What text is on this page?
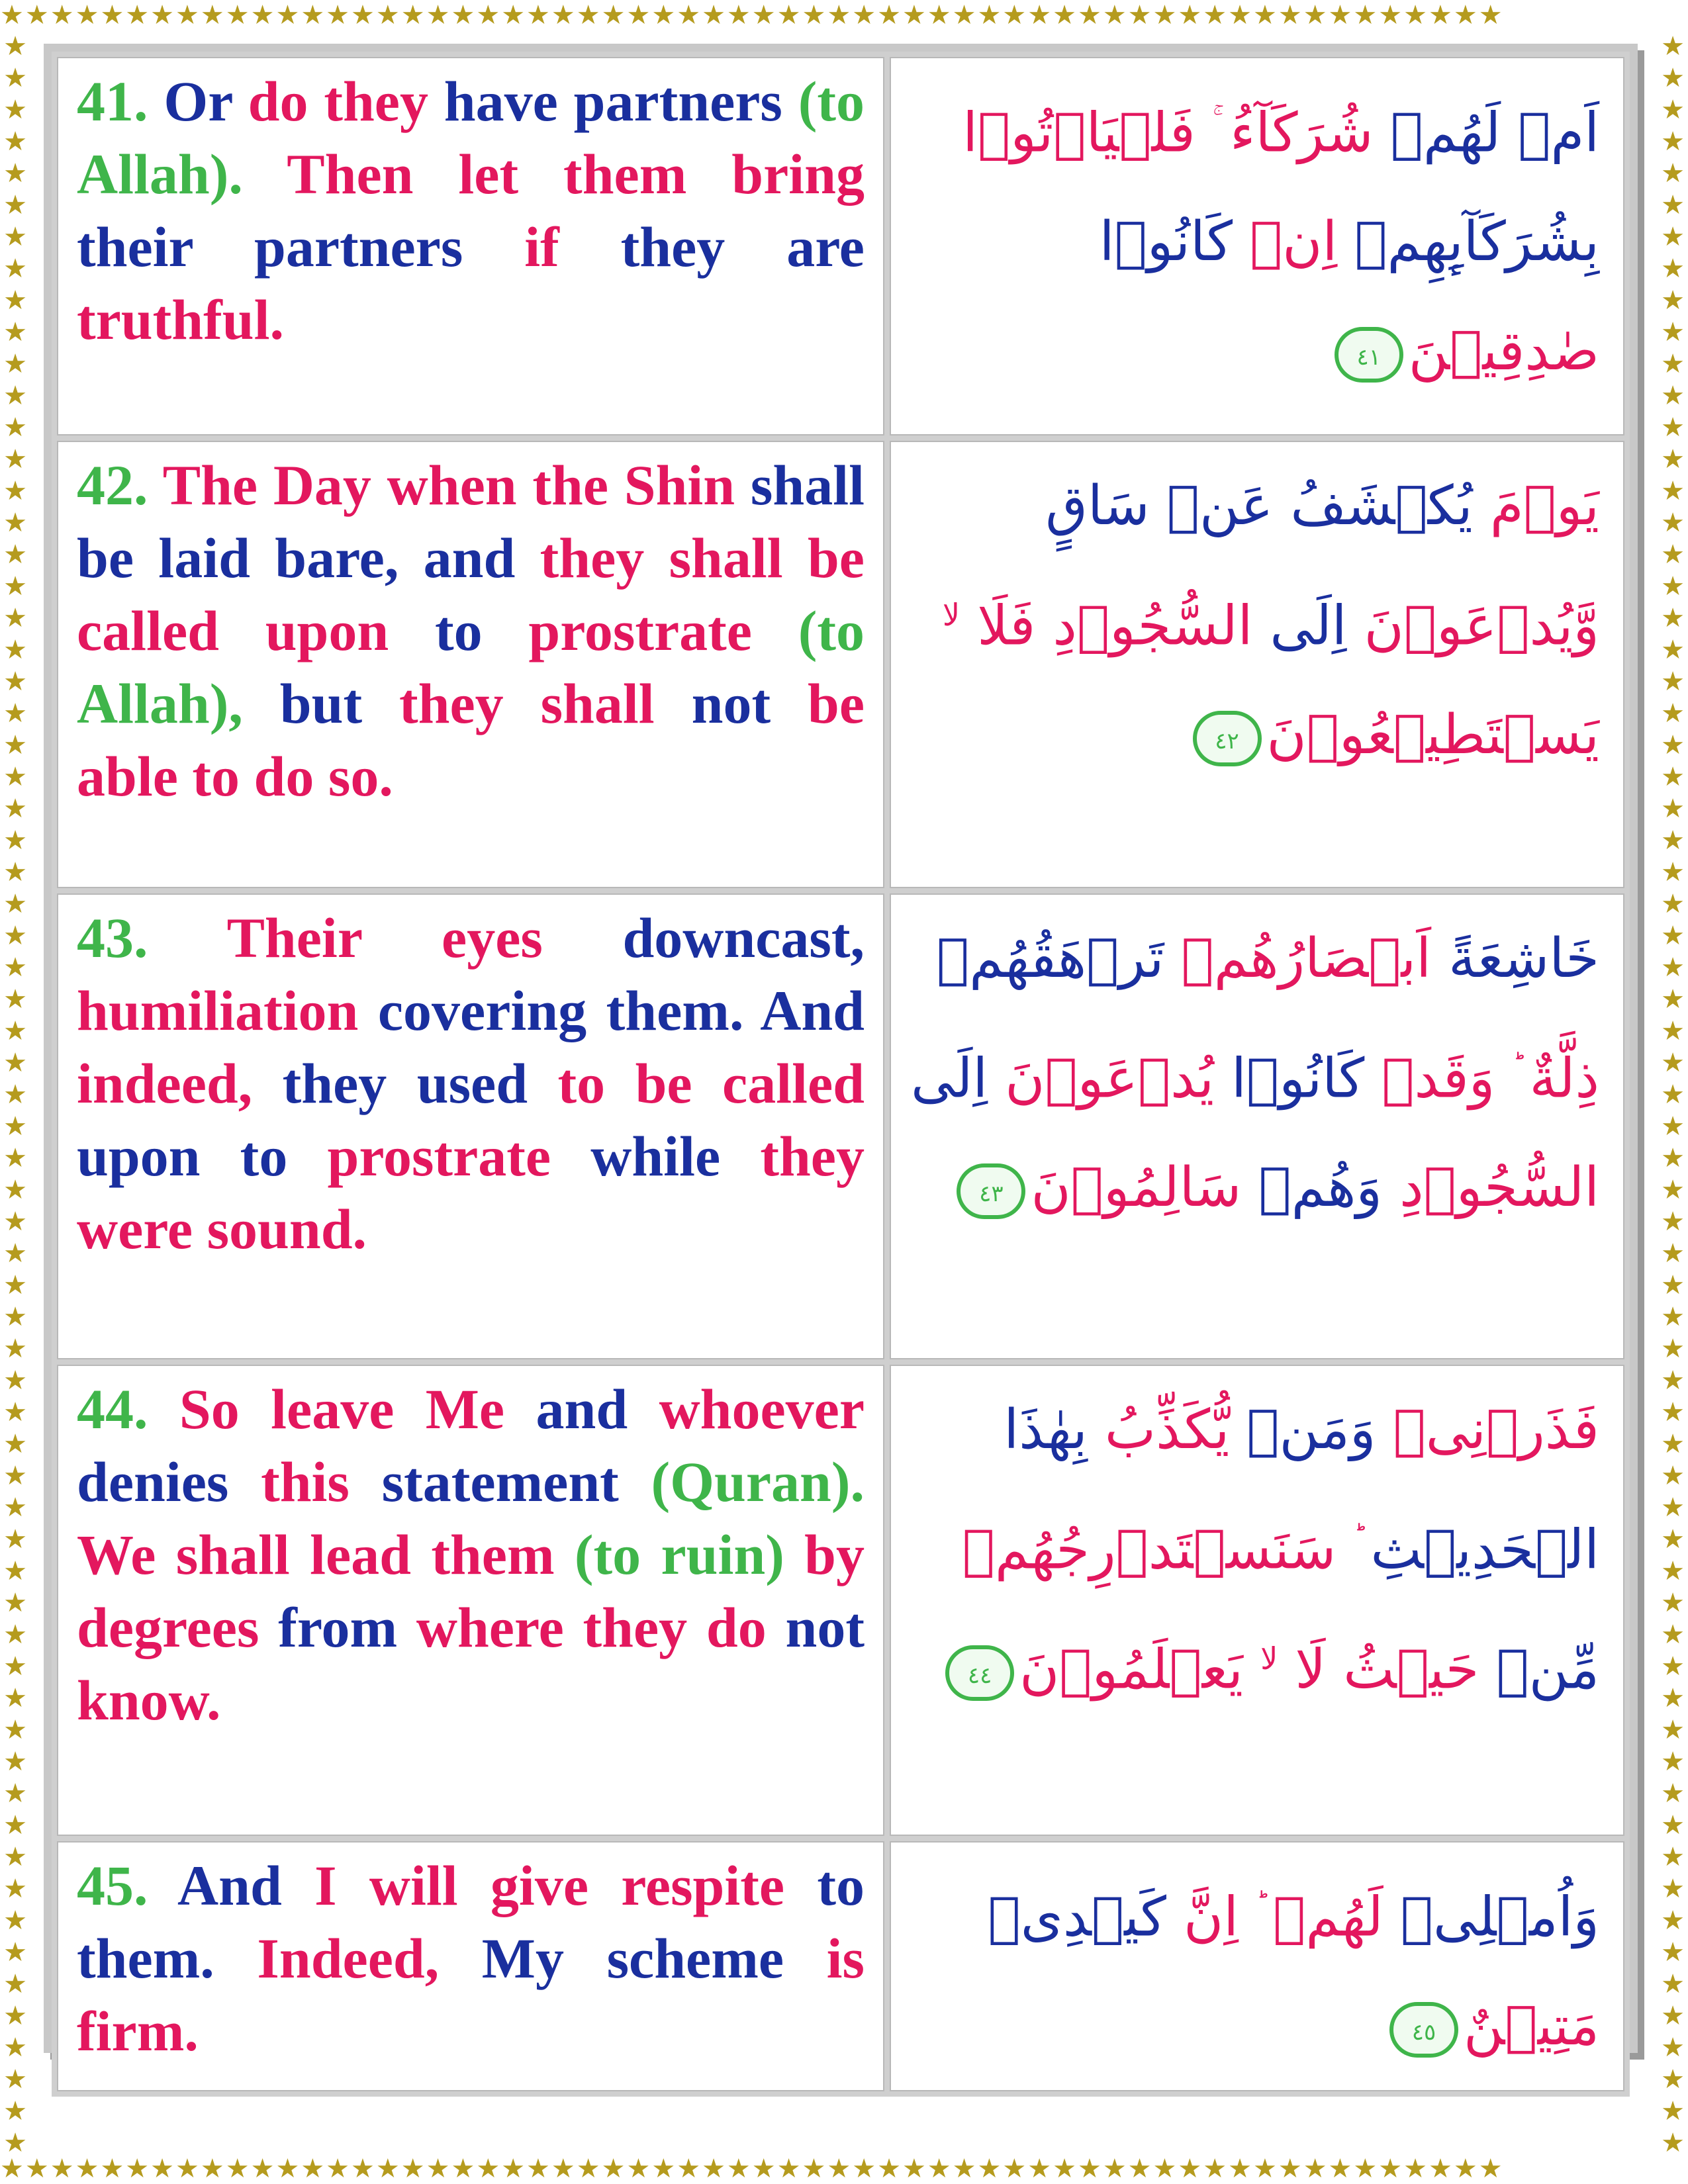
★★★★★★★★★★★★★★★★★★★★★★★★★★★★★★★★★★★★★★★★★★★★★★★★★★★★★★★★★★★★
★★★★★★★★★★★★★★★★★★★★★★★★★★★★★★★★★★★★★★★★★★★★★★★★★★★★★★★★★★★★
★★★★★★★★★★★★★★★★★★★★★★★★★★★★★★★★★★★★★★★★★★★★★★★★★★★★★★★★★★★★★★★★★★★
★★★★★★★★★★★★★★★★★★★★★★★★★★★★★★★★★★★★★★★★★★★★★★★★★★★★★★★★★★★★★★★★★★★

41. Or do they have partners (to Allah). Then let them bring their partners if they are truthful.	اَمۡ لَهُمۡ شُرَكَآءُ فَلۡيَاۡتُوۡا بِشُرَكَآٮِٕهِمۡ اِنۡ كَانُوۡا صٰدِقِيۡنَ٤١

42. The Day when the Shin shall be laid bare, and they shall be called upon to prostrate (to Allah), but they shall not be able to do so.	يَوۡمَ يُكۡشَفُ عَنۡ سَاقٍ وَّيُدۡعَوۡنَ اِلَى السُّجُوۡدِ فَلَا $^{لا}$ يَسۡتَطِيۡعُوۡنَ٤٢

43. Their eyes downcast, humiliation covering them. And indeed, they used to be called upon to prostrate while they were sound.	خَاشِعَةً اَبۡصَارُهُمۡ تَرۡهَقُهُمۡ ذِلَّةٌ وَقَدۡ كَانُوۡا يُدۡعَوۡنَ اِلَى السُّجُوۡدِ وَهُمۡ سَالِمُوۡنَ٤٣

44. So leave Me and whoever denies this statement (Quran). We shall lead them (to ruin) by degrees from where they do not know.	فَذَرۡنِىۡ وَمَنۡ يُّكَذِّبُ بِهٰذَا الۡحَدِيۡثِ سَنَسۡتَدۡرِجُهُمۡ مِّنۡ حَيۡثُ لَا $^{لا}$ يَعۡلَمُوۡنَ٤٤

45. And I will give respite to them. Indeed, My scheme is firm.	وَاُمۡلِىۡ لَهُمۡ اِنَّ كَيۡدِىۡ مَتِيۡنٌ٤٥
